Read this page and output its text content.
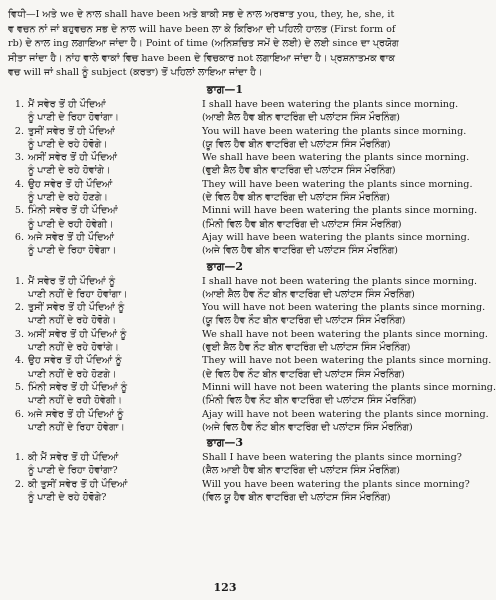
ਵਿਧੀ—I ਅਤੇ we ਦੇ ਨਾਲ shall have been ਅਤੇ ਬਾਕੀ ਸਭ ਦੇ ਨਾਲ ਅਰਥਾਤ you, they, he, she, it
ਵ ਵਚਨ ਨਾਂ ਜਾਂ ਬਹੁਵਚਨ ਸਭ ਦੇ ਨਾਲ will have been ਲਾ ਕੇ ਕਿਰਿਆ ਦੀ ਪਹਿਲੀ ਹਾਲਤ (First form of
rb) ਦੇ ਨਾਲ ing ਲਗਾਇਆ ਜਾਂਦਾ ਹੈ। Point of time (ਅਨਿਸ਼ਚਿਤ ਸਮੇਂ ਦੇ ਲਈ) ਦੇ ਲਈ since ਦਾ ਪ੍ਰਯੋਗ
ਸੀਤਾ ਜਾਂਦਾ ਹੈ। ਨਾਂਹ ਵਾਲੇ ਵਾਕਾਂ ਵਿਚ have been ਦੇ ਵਿਚਕਾਰ not ਲਗਾਇਆ ਜਾਂਦਾ ਹੈ। ਪ੍ਰਸ਼ਨਾਤਮਕ ਵਾਕ
ਵਚ will ਜਾਂ shall ਨੂੰ subject (ਕਰਤਾ) ਤੋਂ ਪਹਿਲਾਂ ਲਾਇਆ ਜਾਂਦਾ ਹੈ।
ਭਾਗ—1
1. ਮੈਂ ਸਵੇਰ ਤੋਂ ਹੀ ਪੌਦਿਆਂ	I shall have been watering the plants since morning.
ਨੂੰ ਪਾਣੀ ਦੇ ਰਿਹਾ ਹੋਵਾਂਗਾ।	(ਆਈ ਸ਼ੈਲ ਹੈਵ ਬੀਨ ਵਾਟਰਿੰਗ ਦੀ ਪਲਾਂਟਸ ਸਿੰਸ ਮੌਰਨਿੰਗ)
2. ਤੁਸੀਂ ਸਵੇਰ ਤੋਂ ਹੀ ਪੌਦਿਆਂ	You will have been watering the plants since morning.
ਨੂੰ ਪਾਣੀ ਦੇ ਰਹੇ ਹੋਵੋਗੇ।	(ਯੂ ਵਿਲ ਹੈਵ ਬੀਨ ਵਾਟਰਿੰਗ ਦੀ ਪਲਾਂਟਸ ਸਿੰਸ ਮੌਰਨਿੰਗ)
3. ਅਸੀਂ ਸਵੇਰ ਤੋਂ ਹੀ ਪੌਦਿਆਂ	We shall have been watering the plants since morning.
ਨੂੰ ਪਾਣੀ ਦੇ ਰਹੇ ਹੋਵਾਂਗੇ।	(ਵੁਈ ਸ਼ੈਲ ਹੈਵ ਬੀਨ ਵਾਟਰਿੰਗ ਦੀ ਪਲਾਂਟਸ ਸਿੰਸ ਮੌਰਨਿੰਗ)
4. ਉਹ ਸਵੇਰ ਤੋਂ ਹੀ ਪੌਦਿਆਂ	They will have been watering the plants since morning.
ਨੂੰ ਪਾਣੀ ਦੇ ਰਹੇ ਹੋਣਗੇ।	(ਦੇ ਵਿਲ ਹੈਵ ਬੀਨ ਵਾਟਰਿੰਗ ਦੀ ਪਲਾਂਟਸ ਸਿੰਸ ਮੌਰਨਿੰਗ)
5. ਮਿੰਨੀ ਸਵੇਰ ਤੋਂ ਹੀ ਪੌਦਿਆਂ	Minni will have been watering the plants since morning.
ਨੂੰ ਪਾਣੀ ਦੇ ਰਹੀ ਹੋਵੇਗੀ।	(ਮਿੰਨੀ ਵਿਲ ਹੈਵ ਬੀਨ ਵਾਟਰਿੰਗ ਦੀ ਪਲਾਂਟਸ ਸਿੰਸ ਮੌਰਨਿੰਗ)
6. ਅਜੇ ਸਵੇਰ ਤੋਂ ਹੀ ਪੌਦਿਆਂ	Ajay will have been watering the plants since morning.
ਨੂੰ ਪਾਣੀ ਦੇ ਰਿਹਾ ਹੋਵੇਗਾ।	(ਅਜੇ ਵਿਲ ਹੈਵ ਬੀਨ ਵਾਟਰਿੰਗ ਦੀ ਪਲਾਂਟਸ ਸਿੰਸ ਮੌਰਨਿੰਗ)
ਭਾਗ—2
1. ਮੈਂ ਸਵੇਰ ਤੋਂ ਹੀ ਪੌਦਿਆਂ ਨੂੰ	I shall have not been watering the plants since morning.
ਪਾਣੀ ਨਹੀਂ ਦੇ ਰਿਹਾ ਹੋਵਾਂਗਾ।	(ਆਈ ਸ਼ੈਲ ਹੈਵ ਨੌਟ ਬੀਨ ਵਾਟਰਿੰਗ ਦੀ ਪਲਾਂਟਸ ਸਿੰਸ ਮੌਰਨਿੰਗ)
2. ਤੁਸੀਂ ਸਵੇਰ ਤੋਂ ਹੀ ਪੌਦਿਆਂ ਨੂੰ	You will have not been watering the plants since morning.
ਪਾਣੀ ਨਹੀਂ ਦੇ ਰਹੇ ਹੋਵੋਗੇ।	(ਯੂ ਵਿਲ ਹੈਵ ਨੌਟ ਬੀਨ ਵਾਟਰਿੰਗ ਦੀ ਪਲਾਂਟਸ ਸਿੰਸ ਮੌਰਨਿੰਗ)
3. ਅਸੀਂ ਸਵੇਰ ਤੋਂ ਹੀ ਪੌਦਿਆਂ ਨੂੰ	We shall have not been watering the plants since morning.
ਪਾਣੀ ਨਹੀਂ ਦੇ ਰਹੇ ਹੋਵਾਂਗੇ।	(ਵੁਈ ਸ਼ੈਲ ਹੈਵ ਨੌਟ ਬੀਨ ਵਾਟਰਿੰਗ ਦੀ ਪਲਾਂਟਸ ਸਿੰਸ ਮੌਰਨਿੰਗ)
4. ਉਹ ਸਵੇਰ ਤੋਂ ਹੀ ਪੌਦਿਆਂ ਨੂੰ	They will have not been watering the plants since morning.
ਪਾਣੀ ਨਹੀਂ ਦੇ ਰਹੇ ਹੋਣਗੇ।	(ਦੇ ਵਿਲ ਹੈਵ ਨੌਟ ਬੀਨ ਵਾਟਰਿੰਗ ਦੀ ਪਲਾਂਟਸ ਸਿੰਸ ਮੌਰਨਿੰਗ)
5. ਮਿੰਨੀ ਸਵੇਰ ਤੋਂ ਹੀ ਪੌਦਿਆਂ ਨੂੰ	Minni will have not been watering the plants since morning.
ਪਾਣੀ ਨਹੀਂ ਦੇ ਰਹੀ ਹੋਵੇਗੀ।	(ਮਿੰਨੀ ਵਿਲ ਹੈਵ ਨੌਟ ਬੀਨ ਵਾਟਰਿੰਗ ਦੀ ਪਲਾਂਟਸ ਸਿੰਸ ਮੌਰਨਿੰਗ)
6. ਅਜੇ ਸਵੇਰ ਤੋਂ ਹੀ ਪੌਦਿਆਂ ਨੂੰ	Ajay will have not been watering the plants since morning.
ਪਾਣੀ ਨਹੀਂ ਦੇ ਰਿਹਾ ਹੋਵੇਗਾ।	(ਅਜੇ ਵਿਲ ਹੈਵ ਨੌਟ ਬੀਨ ਵਾਟਰਿੰਗ ਦੀ ਪਲਾਂਟਸ ਸਿੰਸ ਮੌਰਨਿੰਗ)
ਭਾਗ—3
1. ਕੀ ਮੈਂ ਸਵੇਰ ਤੋਂ ਹੀ ਪੌਦਿਆਂ	Shall I have been watering the plants since morning?
ਨੂੰ ਪਾਣੀ ਦੇ ਰਿਹਾ ਹੋਵਾਂਗਾ?	(ਸ਼ੈਲ ਆਈ ਹੈਵ ਬੀਨ ਵਾਟਰਿੰਗ ਦੀ ਪਲਾਂਟਸ ਸਿੰਸ ਮੌਰਨਿੰਗ)
2. ਕੀ ਤੁਸੀਂ ਸਵੇਰ ਤੋਂ ਹੀ ਪੌਦਿਆਂ	Will you have been watering the plants since morning?
ਨੂੰ ਪਾਣੀ ਦੇ ਰਹੇ ਹੋਵੋਗੇ?	(ਵਿਲ ਯੂ ਹੈਵ ਬੀਨ ਵਾਟਰਿੰਗ ਦੀ ਪਲਾਂਟਸ ਸਿੰਸ ਮੌਰਨਿੰਗ)
123
